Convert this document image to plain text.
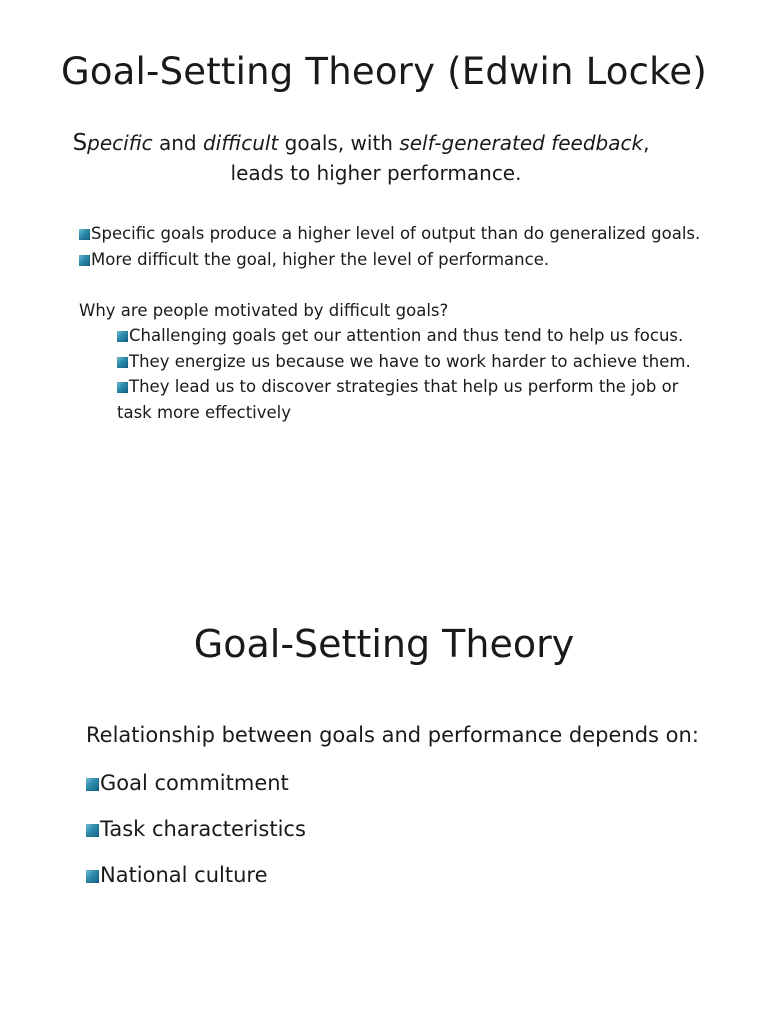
Goal-Setting Theory (Edwin Locke)
Specific and difficult goals, with self-generated feedback,
leads to higher performance.

Specific goals produce a higher level of output than do generalized goals.

More difficult the goal, higher the level of performance.

Why are people motivated by difficult goals?

Challenging goals get our attention and thus tend to help us focus.

They energize us because we have to work harder to achieve them.

They lead us to discover strategies that help us perform the job or task more effectively

Goal-Setting Theory
Relationship between goals and performance depends on:
Goal commitment
Task characteristics
National culture
